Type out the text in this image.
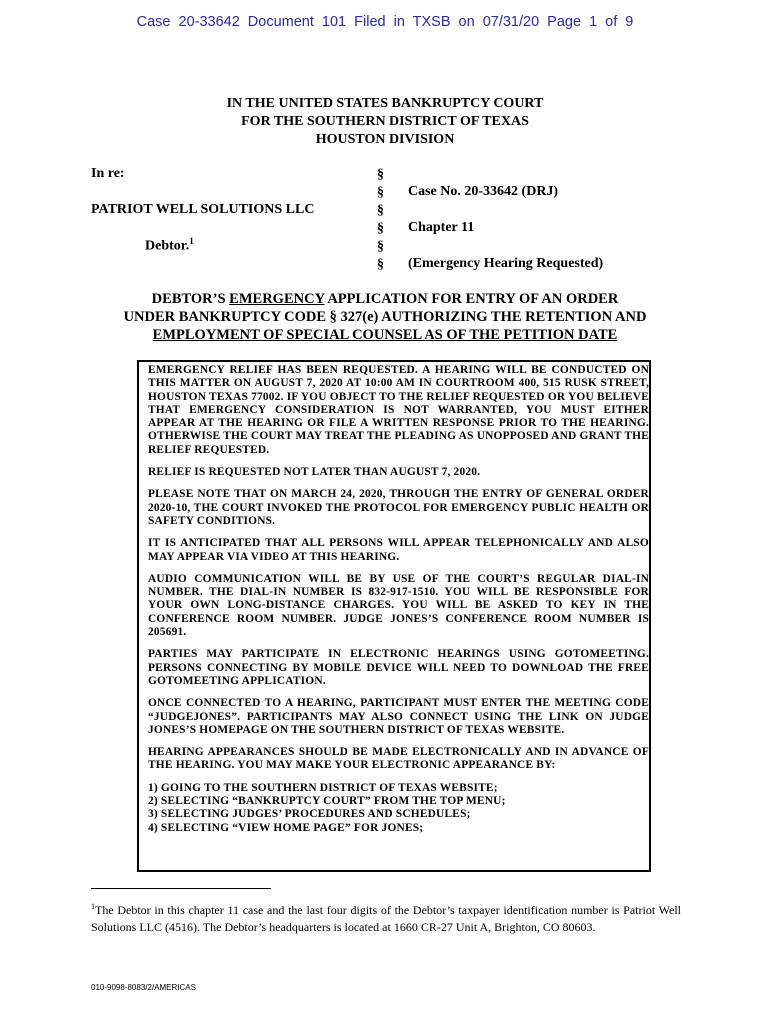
Case 20-33642 Document 101 Filed in TXSB on 07/31/20 Page 1 of 9
IN THE UNITED STATES BANKRUPTCY COURT
FOR THE SOUTHERN DISTRICT OF TEXAS
HOUSTON DIVISION
In re:
PATRIOT WELL SOLUTIONS LLC
Debtor.$^1$
§
§
§
§
§
§
Case No. 20-33642 (DRJ)
Chapter 11
(Emergency Hearing Requested)
DEBTOR’S EMERGENCY APPLICATION FOR ENTRY OF AN ORDER
UNDER BANKRUPTCY CODE § 327(e) AUTHORIZING THE RETENTION AND
EMPLOYMENT OF SPECIAL COUNSEL AS OF THE PETITION DATE

EMERGENCY RELIEF HAS BEEN REQUESTED. A HEARING WILL BE CONDUCTED ON THIS MATTER ON AUGUST 7, 2020 AT 10:00 AM IN COURTROOM 400, 515 RUSK STREET, HOUSTON TEXAS 77002. IF YOU OBJECT TO THE RELIEF REQUESTED OR YOU BELIEVE THAT EMERGENCY CONSIDERATION IS NOT WARRANTED, YOU MUST EITHER APPEAR AT THE HEARING OR FILE A WRITTEN RESPONSE PRIOR TO THE HEARING. OTHERWISE THE COURT MAY TREAT THE PLEADING AS UNOPPOSED AND GRANT THE RELIEF REQUESTED.

RELIEF IS REQUESTED NOT LATER THAN AUGUST 7, 2020.

PLEASE NOTE THAT ON MARCH 24, 2020, THROUGH THE ENTRY OF GENERAL ORDER 2020-10, THE COURT INVOKED THE PROTOCOL FOR EMERGENCY PUBLIC HEALTH OR SAFETY CONDITIONS.

IT IS ANTICIPATED THAT ALL PERSONS WILL APPEAR TELEPHONICALLY AND ALSO MAY APPEAR VIA VIDEO AT THIS HEARING.

AUDIO COMMUNICATION WILL BE BY USE OF THE COURT’S REGULAR DIAL-IN NUMBER. THE DIAL-IN NUMBER IS 832-917-1510. YOU WILL BE RESPONSIBLE FOR YOUR OWN LONG-DISTANCE CHARGES. YOU WILL BE ASKED TO KEY IN THE CONFERENCE ROOM NUMBER. JUDGE JONES’S CONFERENCE ROOM NUMBER IS 205691.

PARTIES MAY PARTICIPATE IN ELECTRONIC HEARINGS USING GOTOMEETING. PERSONS CONNECTING BY MOBILE DEVICE WILL NEED TO DOWNLOAD THE FREE GOTOMEETING APPLICATION.

ONCE CONNECTED TO A HEARING, PARTICIPANT MUST ENTER THE MEETING CODE “JUDGEJONES”. PARTICIPANTS MAY ALSO CONNECT USING THE LINK ON JUDGE JONES’S HOMEPAGE ON THE SOUTHERN DISTRICT OF TEXAS WEBSITE.

HEARING APPEARANCES SHOULD BE MADE ELECTRONICALLY AND IN ADVANCE OF THE HEARING. YOU MAY MAKE YOUR ELECTRONIC APPEARANCE BY:

1) GOING TO THE SOUTHERN DISTRICT OF TEXAS WEBSITE;
2) SELECTING “BANKRUPTCY COURT” FROM THE TOP MENU;
3) SELECTING JUDGES’ PROCEDURES AND SCHEDULES;
4) SELECTING “VIEW HOME PAGE” FOR JONES;
$^1$The Debtor in this chapter 11 case and the last four digits of the Debtor’s taxpayer identification number is Patriot Well Solutions LLC (4516). The Debtor’s headquarters is located at 1660 CR-27 Unit A, Brighton, CO 80603.
010-9098-8083/2/AMERICAS
